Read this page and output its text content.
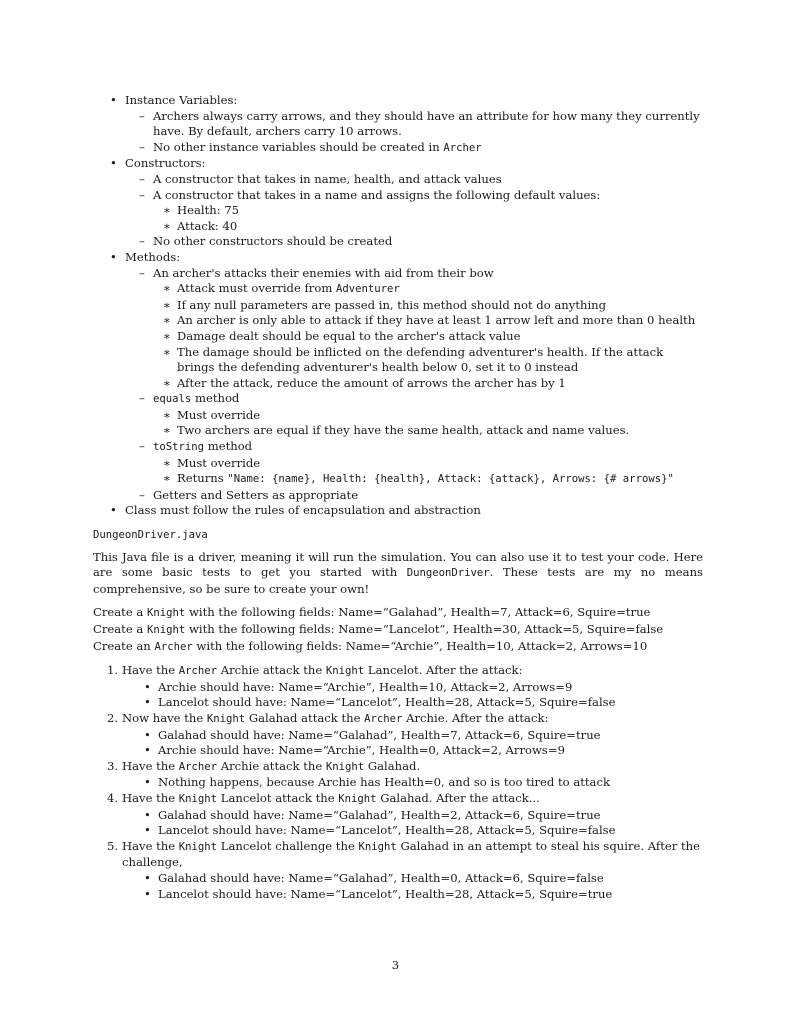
• Instance Variables:
– Archers always carry arrows, and they should have an attribute for how many they currently have. By default, archers carry 10 arrows.
– No other instance variables should be created in Archer
• Constructors:
– A constructor that takes in name, health, and attack values
– A constructor that takes in a name and assigns the following default values:
∗ Health: 75
∗ Attack: 40
– No other constructors should be created
• Methods:
– An archer's attacks their enemies with aid from their bow
∗ Attack must override from Adventurer
∗ If any null parameters are passed in, this method should not do anything
∗ An archer is only able to attack if they have at least 1 arrow left and more than 0 health
∗ Damage dealt should be equal to the archer's attack value
∗ The damage should be inflicted on the defending adventurer's health. If the attack brings the defending adventurer's health below 0, set it to 0 instead
∗ After the attack, reduce the amount of arrows the archer has by 1
– equals method
∗ Must override
∗ Two archers are equal if they have the same health, attack and name values.
– toString method
∗ Must override
∗ Returns "Name: {name}, Health: {health}, Attack: {attack}, Arrows: {# arrows}"
– Getters and Setters as appropriate
• Class must follow the rules of encapsulation and abstraction

DungeonDriver.java

This Java file is a driver, meaning it will run the simulation. You can also use it to test your code. Here are some basic tests to get you started with DungeonDriver. These tests are my no means comprehensive, so be sure to create your own!

Create a Knight with the following fields: Name=“Galahad”, Health=7, Attack=6, Squire=true
Create a Knight with the following fields: Name=“Lancelot”, Health=30, Attack=5, Squire=false
Create an Archer with the following fields: Name=“Archie”, Health=10, Attack=2, Arrows=10
1. Have the Archer Archie attack the Knight Lancelot. After the attack:
• Archie should have: Name=“Archie”, Health=10, Attack=2, Arrows=9
• Lancelot should have: Name=“Lancelot”, Health=28, Attack=5, Squire=false
2. Now have the Knight Galahad attack the Archer Archie. After the attack:
• Galahad should have: Name=“Galahad”, Health=7, Attack=6, Squire=true
• Archie should have: Name=“Archie”, Health=0, Attack=2, Arrows=9
3. Have the Archer Archie attack the Knight Galahad.
• Nothing happens, because Archie has Health=0, and so is too tired to attack
4. Have the Knight Lancelot attack the Knight Galahad. After the attack...
• Galahad should have: Name=“Galahad”, Health=2, Attack=6, Squire=true
• Lancelot should have: Name=“Lancelot”, Health=28, Attack=5, Squire=false
5. Have the Knight Lancelot challenge the Knight Galahad in an attempt to steal his squire. After the challenge,
• Galahad should have: Name=“Galahad”, Health=0, Attack=6, Squire=false
• Lancelot should have: Name=“Lancelot”, Health=28, Attack=5, Squire=true
3
